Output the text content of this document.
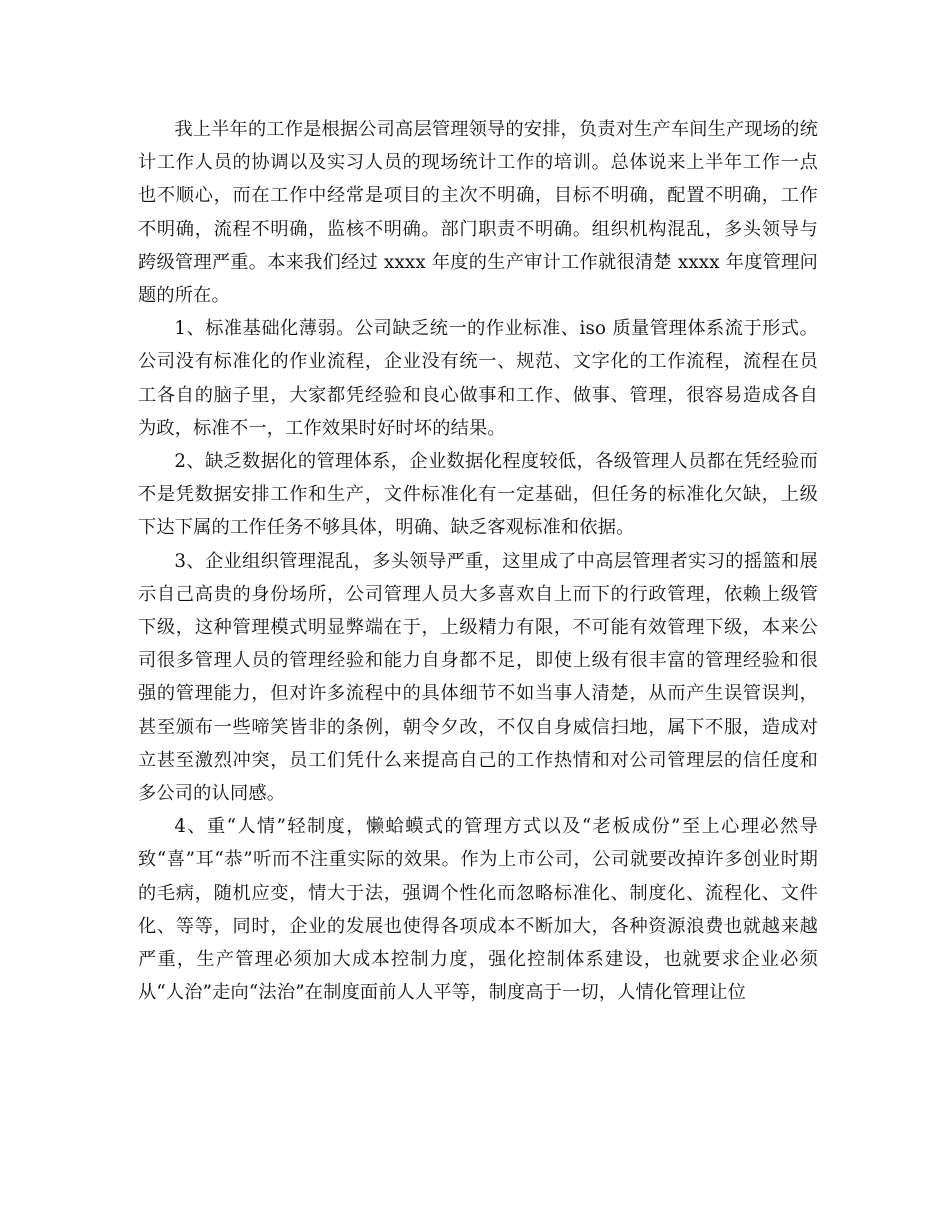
我上半年的工作是根据公司高层管理领导的安排，负责对生产车间生产现场的统计工作人员的协调以及实习人员的现场统计工作的培训。总体说来上半年工作一点也不顺心，而在工作中经常是项目的主次不明确，目标不明确，配置不明确，工作不明确，流程不明确，监核不明确。部门职责不明确。组织机构混乱，多头领导与跨级管理严重。本来我们经过 xxxx 年度的生产审计工作就很清楚 xxxx 年度管理问题的所在。

1、标准基础化薄弱。公司缺乏统一的作业标准、iso 质量管理体系流于形式。公司没有标准化的作业流程，企业没有统一、规范、文字化的工作流程，流程在员工各自的脑子里，大家都凭经验和良心做事和工作、做事、管理，很容易造成各自为政，标准不一，工作效果时好时坏的结果。

2、缺乏数据化的管理体系，企业数据化程度较低，各级管理人员都在凭经验而不是凭数据安排工作和生产，文件标准化有一定基础，但任务的标准化欠缺，上级下达下属的工作任务不够具体，明确、缺乏客观标准和依据。

3、企业组织管理混乱，多头领导严重，这里成了中高层管理者实习的摇篮和展示自己高贵的身份场所，公司管理人员大多喜欢自上而下的行政管理，依赖上级管下级，这种管理模式明显弊端在于，上级精力有限，不可能有效管理下级，本来公司很多管理人员的管理经验和能力自身都不足，即使上级有很丰富的管理经验和很强的管理能力，但对许多流程中的具体细节不如当事人清楚，从而产生误管误判，甚至颁布一些啼笑皆非的条例，朝令夕改，不仅自身威信扫地，属下不服，造成对立甚至激烈冲突，员工们凭什么来提高自己的工作热情和对公司管理层的信任度和多公司的认同感。

4、重“人情”轻制度，懒蛤蟆式的管理方式以及“老板成份”至上心理必然导致“喜”耳“恭”听而不注重实际的效果。作为上市公司，公司就要改掉许多创业时期的毛病，随机应变，情大于法，强调个性化而忽略标准化、制度化、流程化、文件化、等等，同时，企业的发展也使得各项成本不断加大，各种资源浪费也就越来越严重，生产管理必须加大成本控制力度，强化控制体系建设，也就要求企业必须从“人治”走向“法治”在制度面前人人平等，制度高于一切，人情化管理让位
